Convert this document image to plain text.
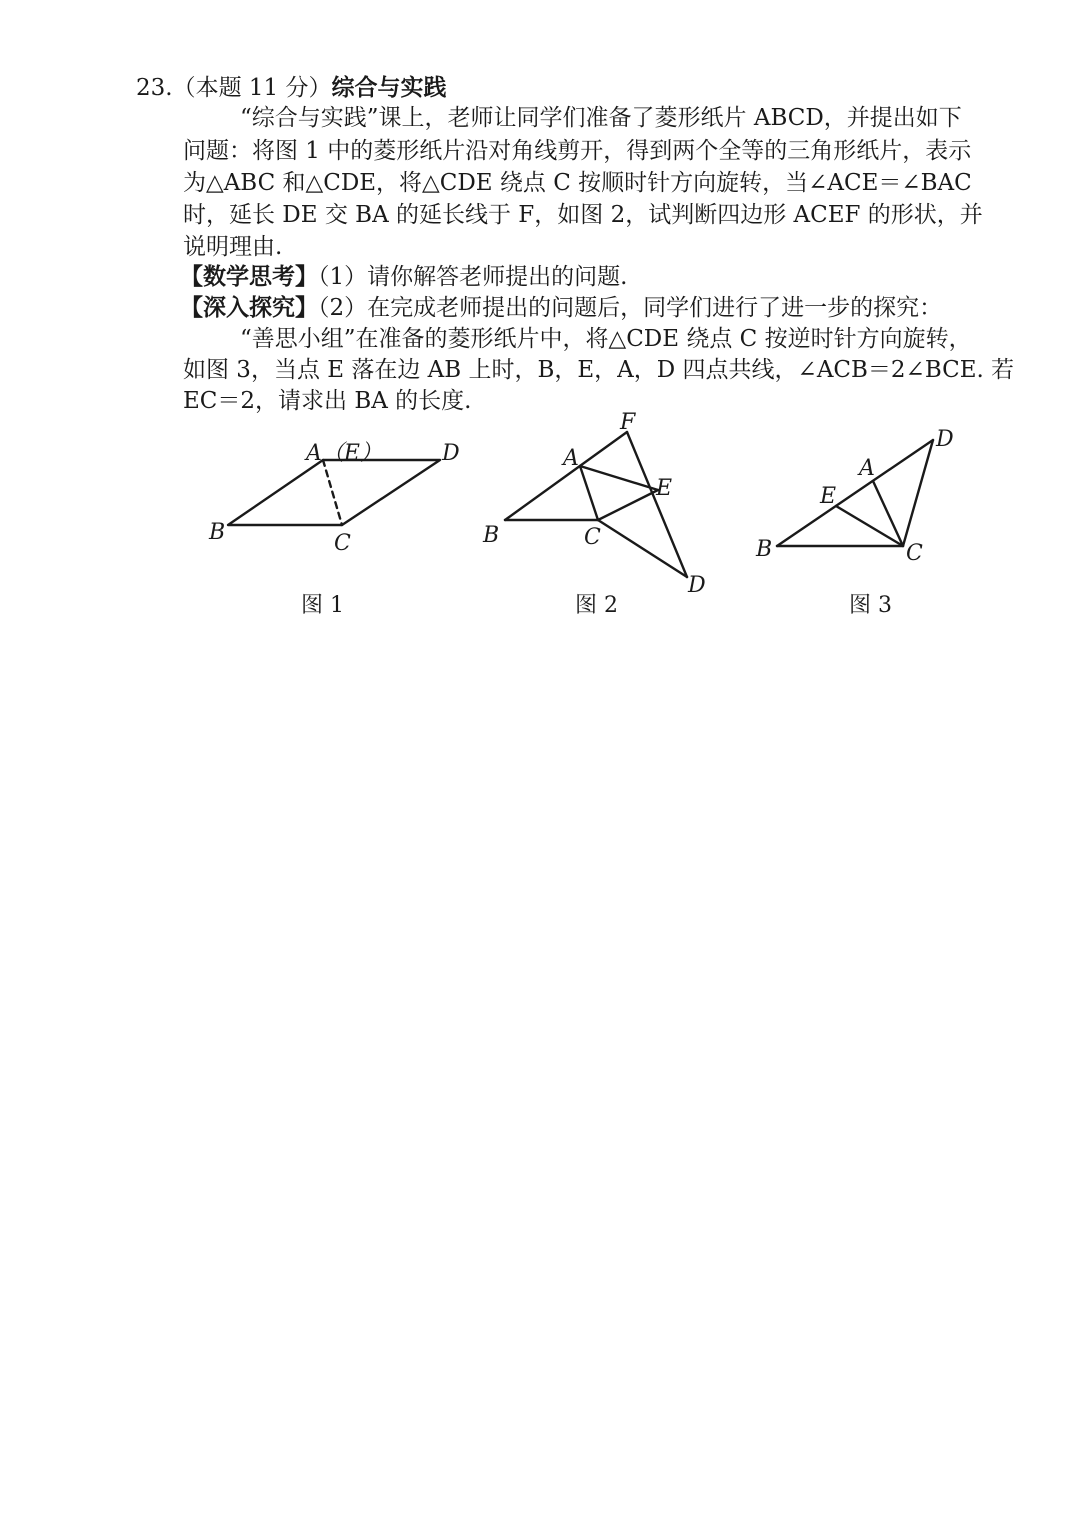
23.（本题 11 分）综合与实践
“综合与实践”课上，老师让同学们准备了菱形纸片 ABCD，并提出如下
问题：将图 1 中的菱形纸片沿对角线剪开，得到两个全等的三角形纸片，表示
为△ABC 和△CDE，将△CDE 绕点 C 按顺时针方向旋转，当∠ACE＝∠BAC
时，延长 DE 交 BA 的延长线于 F，如图 2，试判断四边形 ACEF 的形状，并
说明理由.
【数学思考】（1）请你解答老师提出的问题.
【深入探究】（2）在完成老师提出的问题后，同学们进行了进一步的探究：
“善思小组”在准备的菱形纸片中，将△CDE 绕点 C 按逆时针方向旋转，
如图 3，当点 E 落在边 AB 上时，B，E，A，D 四点共线，∠ACB＝2∠BCE. 若
EC＝2，请求出 BA 的长度.
A（E）	D
B	C
图 1
F
A
E
B	C
D
图 2
D
A
E
B	C
图 3
